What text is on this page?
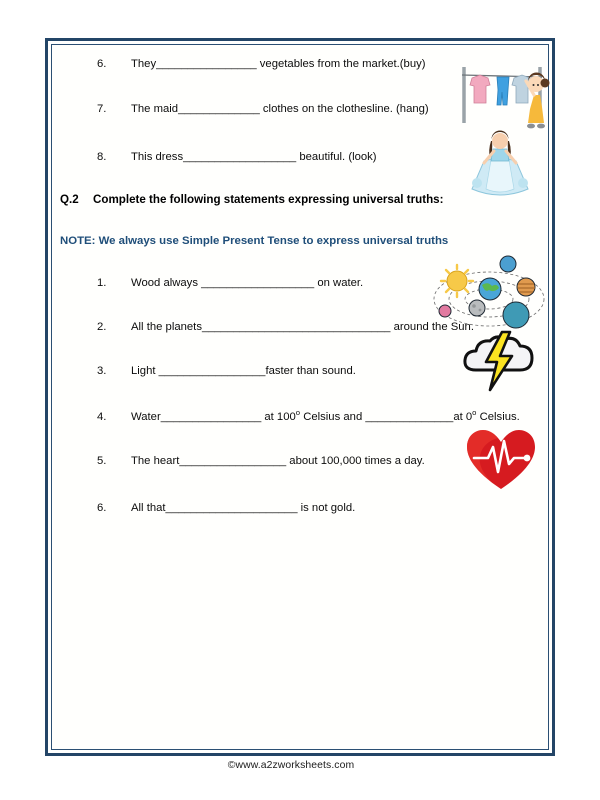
6.	They________________ vegetables from the market.(buy)
7.	The maid_____________ clothes on the clothesline. (hang)
8.	This dress__________________ beautiful. (look)
Q.2	Complete the following statements expressing universal truths:
NOTE: We always use Simple Present Tense to express universal truths
1.	Wood always __________________ on water.
2.	All the planets______________________________ around the Sun.
3.	Light _________________faster than sound.
4.	Water________________ at 100$^o$ Celsius and ______________at 0$^o$ Celsius.
5.	The heart_________________ about 100,000 times a day.
6.	All that_____________________ is not gold.
©www.a2zworksheets.com
